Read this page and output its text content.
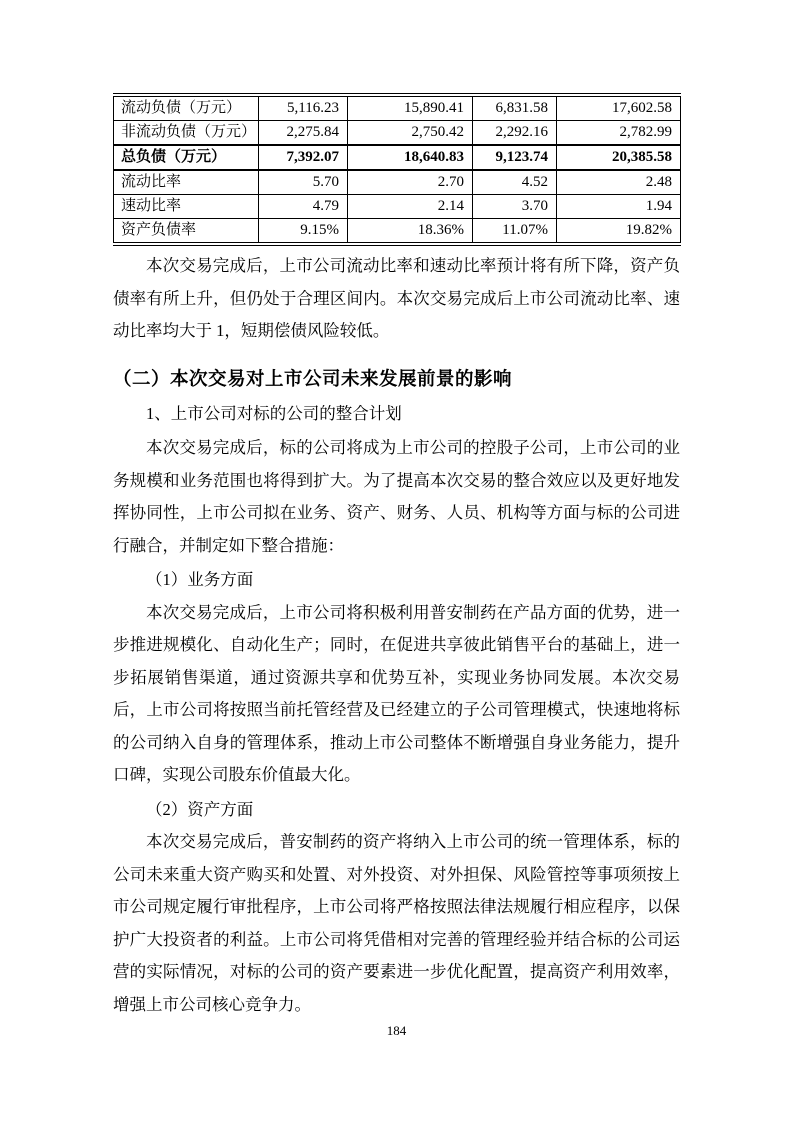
流动负债（万元）	5,116.23	15,890.41	6,831.58	17,602.58
非流动负债（万元）	2,275.84	2,750.42	2,292.16	2,782.99
总负债（万元）	7,392.07	18,640.83	9,123.74	20,385.58
流动比率	5.70	2.70	4.52	2.48
速动比率	4.79	2.14	3.70	1.94
资产负债率	9.15%	18.36%	11.07%	19.82%

本次交易完成后，上市公司流动比率和速动比率预计将有所下降，资产负债率有所上升，但仍处于合理区间内。本次交易完成后上市公司流动比率、速动比率均大于 1，短期偿债风险较低。

（二）本次交易对上市公司未来发展前景的影响
1、上市公司对标的公司的整合计划

本次交易完成后，标的公司将成为上市公司的控股子公司，上市公司的业务规模和业务范围也将得到扩大。为了提高本次交易的整合效应以及更好地发挥协同性，上市公司拟在业务、资产、财务、人员、机构等方面与标的公司进行融合，并制定如下整合措施：

（1）业务方面

本次交易完成后，上市公司将积极利用普安制药在产品方面的优势，进一步推进规模化、自动化生产；同时，在促进共享彼此销售平台的基础上，进一步拓展销售渠道，通过资源共享和优势互补，实现业务协同发展。本次交易后，上市公司将按照当前托管经营及已经建立的子公司管理模式，快速地将标的公司纳入自身的管理体系，推动上市公司整体不断增强自身业务能力，提升口碑，实现公司股东价值最大化。

（2）资产方面

本次交易完成后，普安制药的资产将纳入上市公司的统一管理体系，标的公司未来重大资产购买和处置、对外投资、对外担保、风险管控等事项须按上市公司规定履行审批程序，上市公司将严格按照法律法规履行相应程序，以保护广大投资者的利益。上市公司将凭借相对完善的管理经验并结合标的公司运营的实际情况，对标的公司的资产要素进一步优化配置，提高资产利用效率，增强上市公司核心竞争力。

184
